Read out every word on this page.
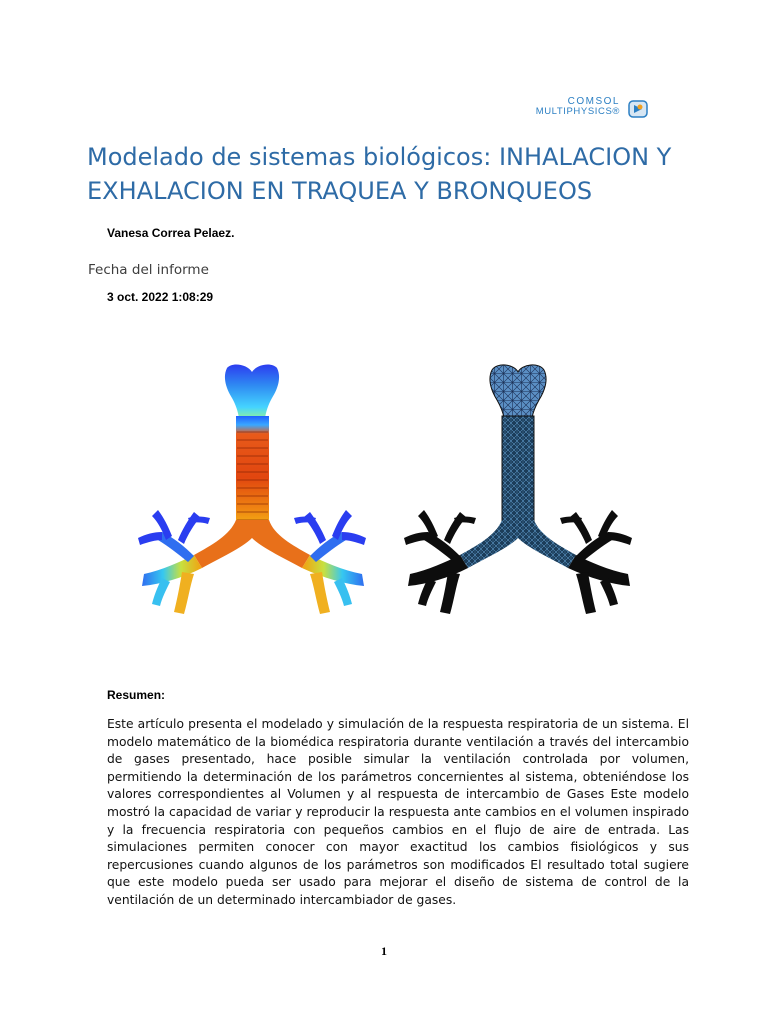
COMSOL
MULTIPHYSICS®
Modelado de sistemas biológicos: INHALACION Y EXHALACION EN TRAQUEA Y BRONQUEOS
Vanesa Correa Pelaez.
Fecha del informe
3 oct. 2022 1:08:29
Resumen:

Este artículo presenta el modelado y simulación de la respuesta respiratoria de un sistema. El modelo matemático de la biomédica respiratoria durante ventilación a través del intercambio de gases presentado, hace posible simular la ventilación controlada por volumen, permitiendo la determinación de los parámetros concernientes al sistema, obteniéndose los valores correspondientes al Volumen y al respuesta de intercambio de Gases Este modelo mostró la capacidad de variar y reproducir la respuesta ante cambios en el volumen inspirado y la frecuencia respiratoria con pequeños cambios en el flujo de aire de entrada. Las simulaciones permiten conocer con mayor exactitud los cambios fisiológicos y sus repercusiones cuando algunos de los parámetros son modificados El resultado total sugiere que este modelo pueda ser usado para mejorar el diseño de sistema de control de la ventilación de un determinado intercambiador de gases.

1
